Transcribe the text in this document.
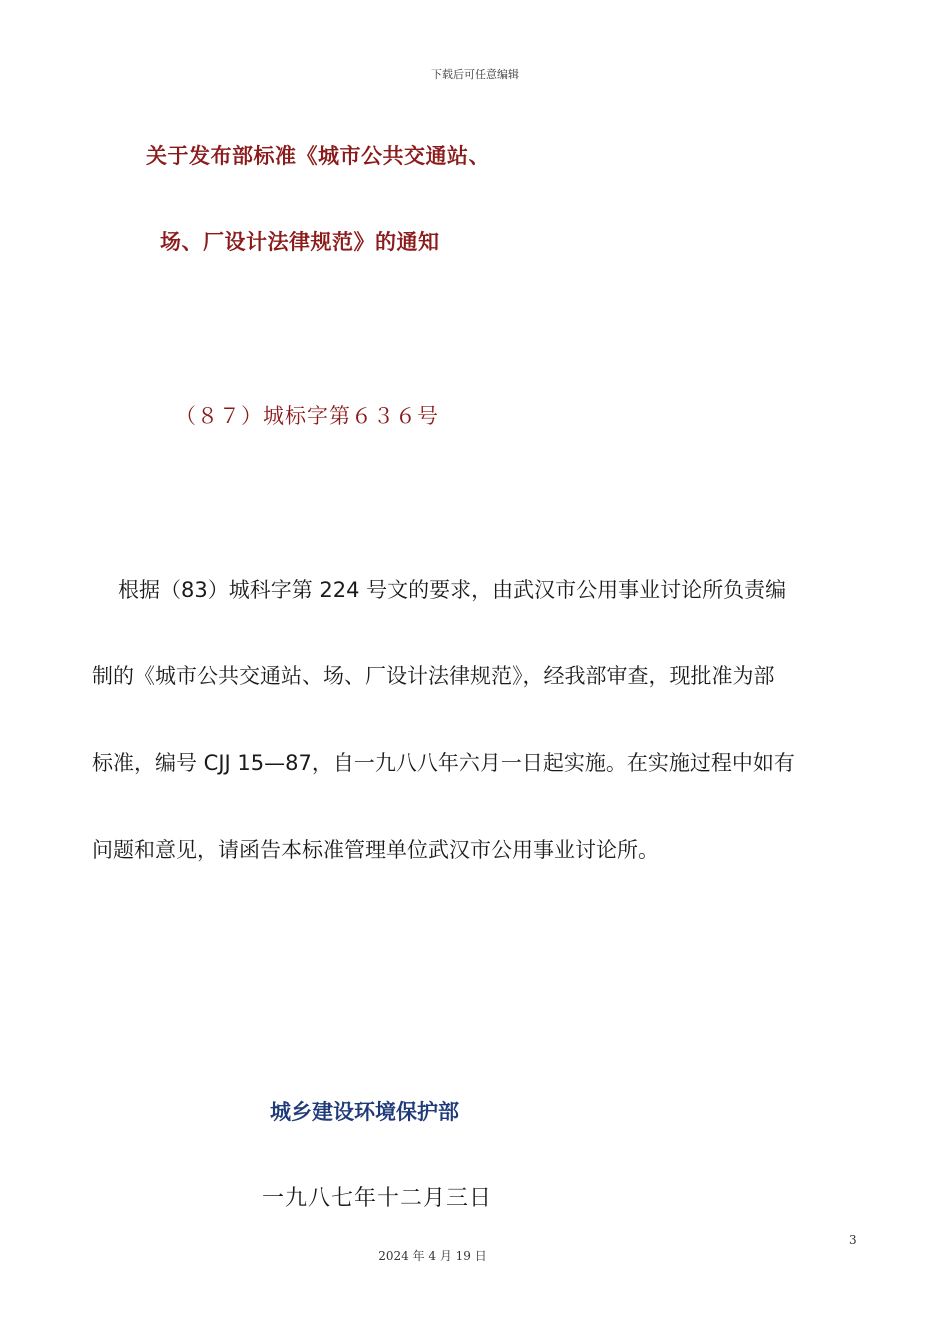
下载后可任意编辑
关于发布部标准《城市公共交通站、
场、厂设计法律规范》的通知
（８７）城标字第６３６号
根据（83）城科字第 224 号文的要求，由武汉市公用事业讨论所负责编
制的《城市公共交通站、场、厂设计法律规范》，经我部审查，现批准为部
标准，编号 CJJ 15—87，自一九八八年六月一日起实施。在实施过程中如有
问题和意见，请函告本标准管理单位武汉市公用事业讨论所。
城乡建设环境保护部
一九八七年十二月三日
3
2024 年 4 月 19 日
